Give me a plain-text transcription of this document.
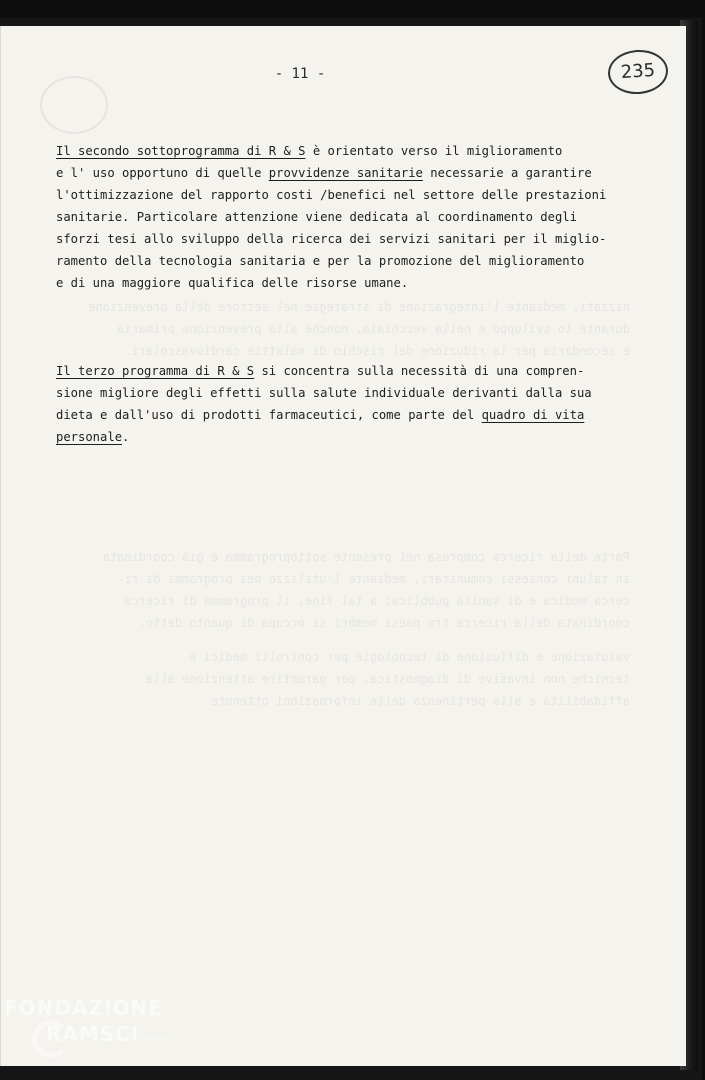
- 11 -	235
nizzati, mediante l'integrazione di strategie nel settore della prevenzione
durante lo sviluppo e nella vecchiaia, nonché alla prevenzione primaria
e secondaria per la riduzione del rischio di malattie cardiovascolari.
Parte della ricerca compresa nel presente sottoprogramma è già coordinata
in taluni consessi comunitari, mediante l'utilizzo dei programmi di ri-
cerca medica e di sanità pubblica; a tal fine, il programma di ricerca
coordinata della ricerca tra paesi membri si occupa di quanto detto.
valutazione e diffusione di tecnologie per controlli medici e
tecniche non invasive di diagnostica, per garantire attenzione alla
affidabilità e alla pertinenza delle informazioni ottenute.
Il secondo sottoprogramma di R & S è orientato verso il miglioramento
e l' uso opportuno di quelle provvidenze sanitarie necessarie a garantire
l'ottimizzazione del rapporto costi /benefici nel settore delle prestazioni
sanitarie. Particolare attenzione viene dedicata al coordinamento degli
sforzi tesi allo sviluppo della ricerca dei servizi sanitari per il miglio-
ramento della tecnologia sanitaria e per la promozione del miglioramento
e di una maggiore qualifica delle risorse umane.
Il terzo programma di R & S si concentra sulla necessità di una compren-
sione migliore degli effetti sulla salute individuale derivanti dalla sua
dieta e dall'uso di prodotti farmaceutici, come parte del quadro di vita
personale.
FONDAZIONE
RAMSCI onlus
